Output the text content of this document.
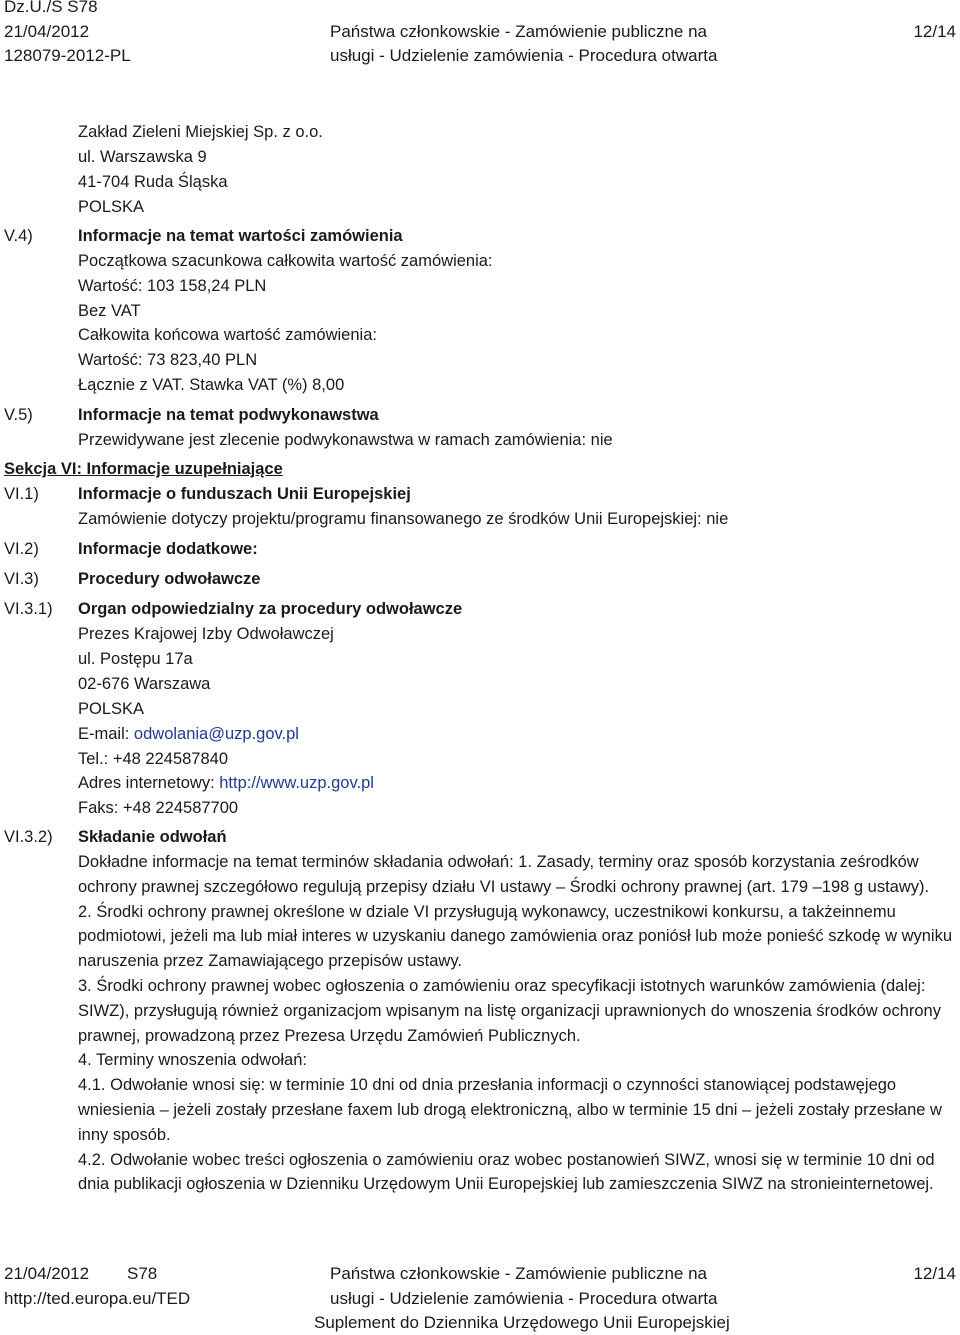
Dz.U./S S78
21/04/2012
128079-2012-PL
Państwa członkowskie - Zamówienie publiczne na
usługi - Udzielenie zamówienia - Procedura otwarta
12/14
Zakład Zieleni Miejskiej Sp. z o.o.
ul. Warszawska 9
41-704 Ruda Śląska
POLSKA
V.4)	Informacje na temat wartości zamówienia
Początkowa szacunkowa całkowita wartość zamówienia:
Wartość: 103 158,24 PLN
Bez VAT
Całkowita końcowa wartość zamówienia:
Wartość: 73 823,40 PLN
Łącznie z VAT. Stawka VAT (%) 8,00
V.5)	Informacje na temat podwykonawstwa
Przewidywane jest zlecenie podwykonawstwa w ramach zamówienia: nie
Sekcja VI: Informacje uzupełniające
VI.1) Informacje o funduszach Unii Europejskiej
Zamówienie dotyczy projektu/programu finansowanego ze środków Unii Europejskiej: nie
VI.2) Informacje dodatkowe:
VI.3) Procedury odwoławcze
VI.3.1) Organ odpowiedzialny za procedury odwoławcze
Prezes Krajowej Izby Odwoławczej
ul. Postępu 17a
02-676 Warszawa
POLSKA
E-mail: odwolania@uzp.gov.pl
Tel.: +48 224587840
Adres internetowy: http://www.uzp.gov.pl
Faks: +48 224587700
VI.3.2) Składanie odwołań

Dokładne informacje na temat terminów składania odwołań: 1. Zasady, terminy oraz sposób korzystania ześrodków ochrony prawnej szczegółowo regulują przepisy działu VI ustawy – Środki ochrony prawnej (art. 179 –198 g ustawy).

2. Środki ochrony prawnej określone w dziale VI przysługują wykonawcy, uczestnikowi konkursu, a takżeinnemu podmiotowi, jeżeli ma lub miał interes w uzyskaniu danego zamówienia oraz poniósł lub może ponieść szkodę w wyniku naruszenia przez Zamawiającego przepisów ustawy.

3. Środki ochrony prawnej wobec ogłoszenia o zamówieniu oraz specyfikacji istotnych warunków zamówienia (dalej: SIWZ), przysługują również organizacjom wpisanym na listę organizacji uprawnionych do wnoszenia środków ochrony prawnej, prowadzoną przez Prezesa Urzędu Zamówień Publicznych.

4. Terminy wnoszenia odwołań:

4.1. Odwołanie wnosi się: w terminie 10 dni od dnia przesłania informacji o czynności stanowiącej podstawęjego wniesienia – jeżeli zostały przesłane faxem lub drogą elektroniczną, albo w terminie 15 dni – jeżeli zostały przesłane w inny sposób.

4.2. Odwołanie wobec treści ogłoszenia o zamówieniu oraz wobec postanowień SIWZ, wnosi się w terminie 10 dni od dnia publikacji ogłoszenia w Dzienniku Urzędowym Unii Europejskiej lub zamieszczenia SIWZ na stronieinternetowej.

21/04/2012 S78
http://ted.europa.eu/TED
Państwa członkowskie - Zamówienie publiczne na
usługi - Udzielenie zamówienia - Procedura otwarta
Suplement do Dziennika Urzędowego Unii Europejskiej
12/14
